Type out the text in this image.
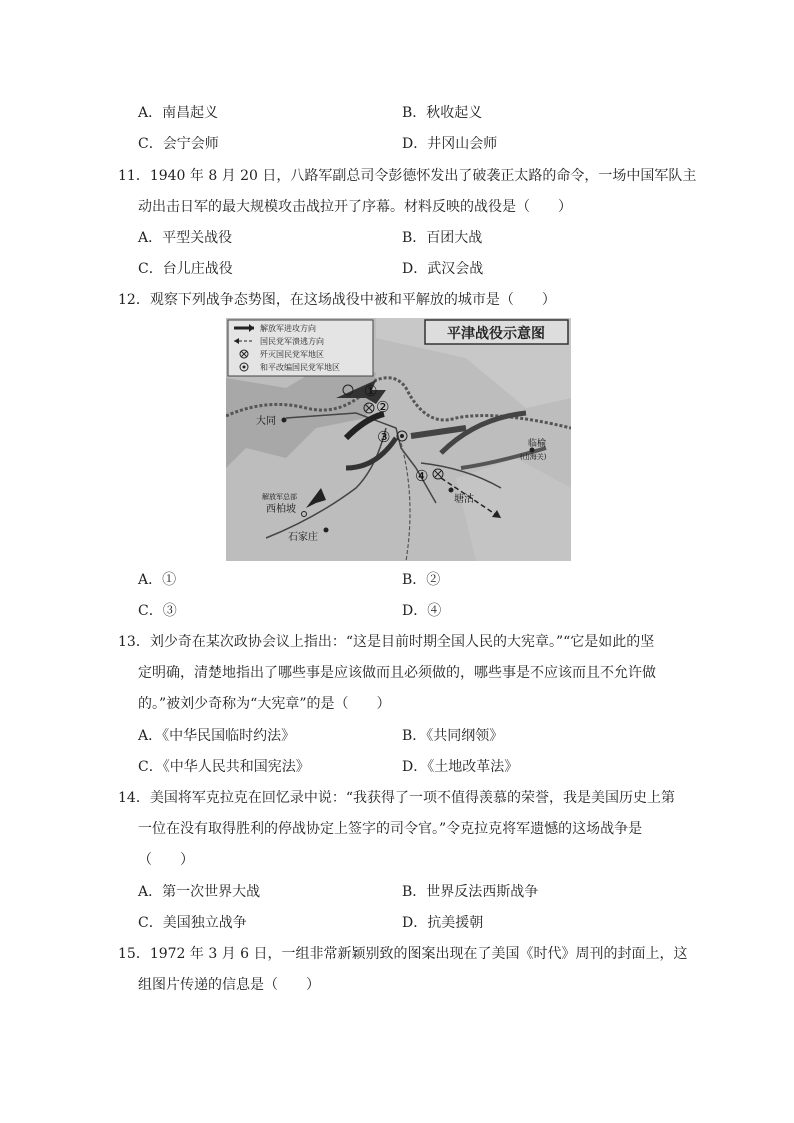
A．南昌起义	B．秋收起义
C．会宁会师	D．井冈山会师
11．1940 年 8 月 20 日，八路军副总司令彭德怀发出了破袭正太路的命令，一场中国军队主
动出击日军的最大规模攻击战拉开了序幕。材料反映的战役是（　　）
A．平型关战役	B．百团大战
C．台儿庄战役	D．武汉会战
12．观察下列战争态势图，在这场战役中被和平解放的城市是（　　）
平津战役示意图
解放军进攻方向
国民党军溃逃方向
歼灭国民党军地区
和平改编国民党军地区
①
②
③
④
大同
解放军总部
西柏坡
石家庄
塘沽
临榆
(山海关)
A．①	B．②
C．③	D．④
13．刘少奇在某次政协会议上指出：“这是目前时期全国人民的大宪章。”“它是如此的坚
定明确，清楚地指出了哪些事是应该做而且必须做的，哪些事是不应该而且不允许做
的。”被刘少奇称为“大宪章”的是（　　）
A．《中华民国临时约法》	B．《共同纲领》
C．《中华人民共和国宪法》	D．《土地改革法》
14．美国将军克拉克在回忆录中说：“我获得了一项不值得羡慕的荣誉，我是美国历史上第
一位在没有取得胜利的停战协定上签字的司令官。”令克拉克将军遗憾的这场战争是
（　　）
A．第一次世界大战	B．世界反法西斯战争
C．美国独立战争	D．抗美援朝
15．1972 年 3 月 6 日，一组非常新颖别致的图案出现在了美国《时代》周刊的封面上，这
组图片传递的信息是（　　）
